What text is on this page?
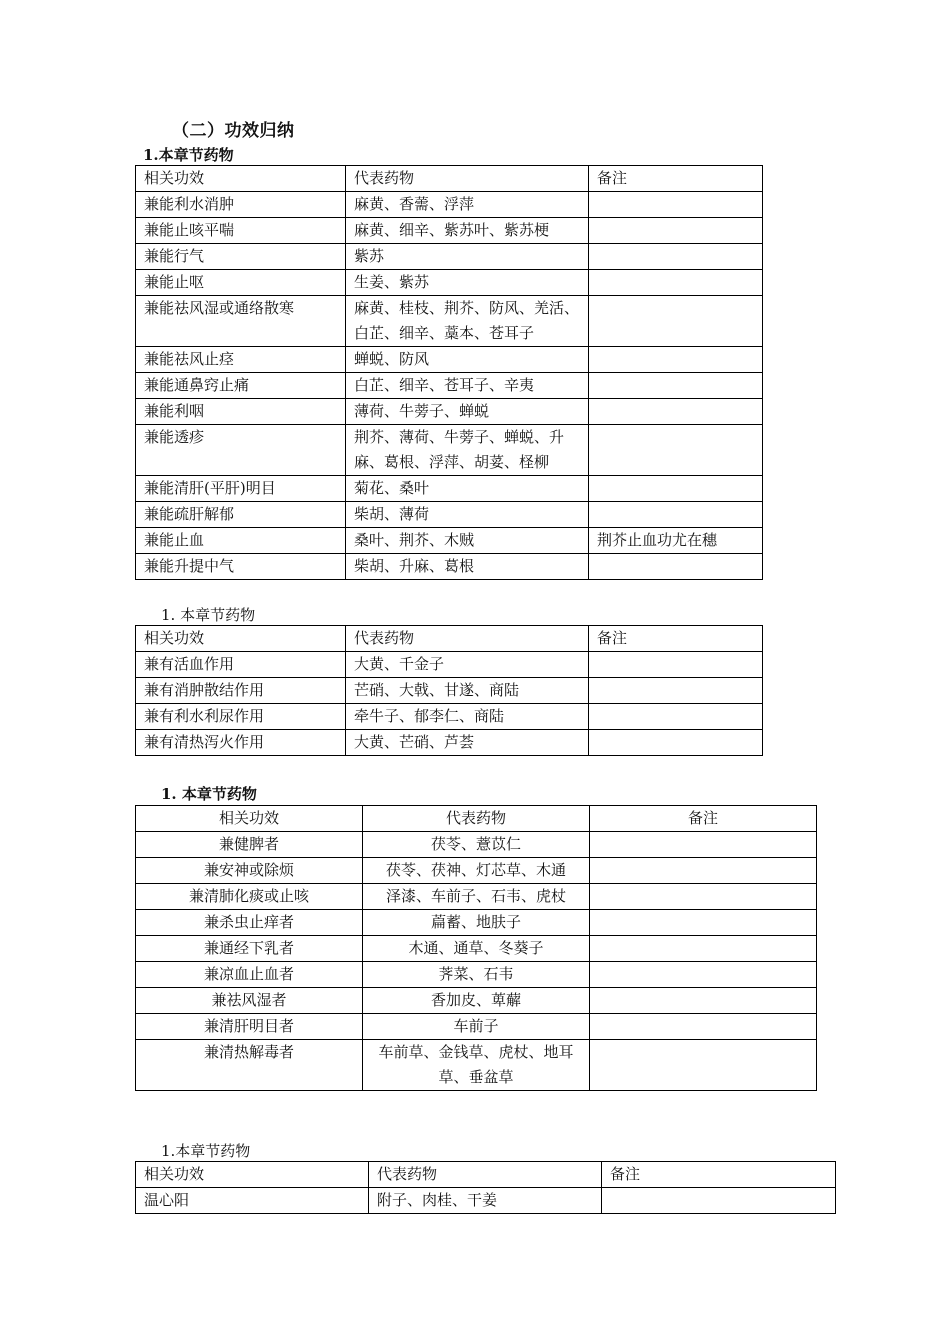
（二）功效归纳
1.本章节药物
相关功效	代表药物	备注
兼能利水消肿	麻黄、香薷、浮萍	
兼能止咳平喘	麻黄、细辛、紫苏叶、紫苏梗	
兼能行气	紫苏	
兼能止呕	生姜、紫苏	
兼能祛风湿或通络散寒	麻黄、桂枝、荆芥、防风、羌活、白芷、细辛、藁本、苍耳子	
兼能祛风止痉	蝉蜕、防风	
兼能通鼻窍止痛	白芷、细辛、苍耳子、辛夷	
兼能利咽	薄荷、牛蒡子、蝉蜕	
兼能透疹	荆芥、薄荷、牛蒡子、蝉蜕、升麻、葛根、浮萍、胡荽、柽柳	
兼能清肝(平肝)明目	菊花、桑叶	
兼能疏肝解郁	柴胡、薄荷	
兼能止血	桑叶、荆芥、木贼	荆芥止血功尤在穗
兼能升提中气	柴胡、升麻、葛根	
1. 本章节药物
相关功效	代表药物	备注
兼有活血作用	大黄、千金子	
兼有消肿散结作用	芒硝、大戟、甘遂、商陆	
兼有利水利尿作用	牵牛子、郁李仁、商陆	
兼有清热泻火作用	大黄、芒硝、芦荟	
1. 本章节药物
相关功效	代表药物	备注
兼健脾者	茯苓、薏苡仁	
兼安神或除烦	茯苓、茯神、灯芯草、木通	
兼清肺化痰或止咳	泽漆、车前子、石韦、虎杖	
兼杀虫止痒者	萹蓄、地肤子	
兼通经下乳者	木通、通草、冬葵子	
兼凉血止血者	荠菜、石韦	
兼祛风湿者	香加皮、萆薢	
兼清肝明目者	车前子	
兼清热解毒者	车前草、金钱草、虎杖、地耳草、垂盆草	
1.本章节药物
相关功效	代表药物	备注
温心阳	附子、肉桂、干姜	
